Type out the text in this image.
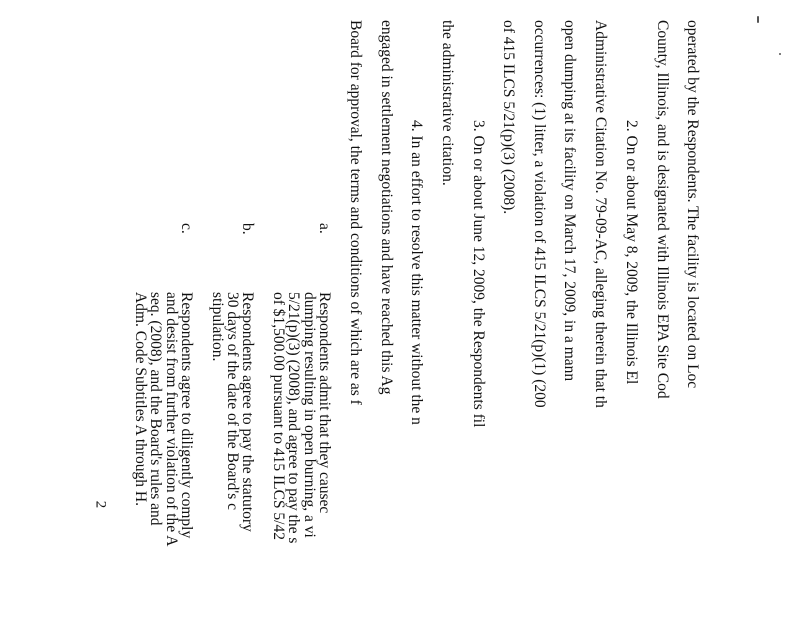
operated by the Respondents. The facility is located on Loc
County, Illinois, and is designated with Illinois EPA Site Cod
2. On or about May 8, 2009, the Illinois El
Administrative Citation No. 79-09-AC, alleging therein that th
open dumping at its facility on March 17, 2009, in a mann
occurrences: (1) litter, a violation of 415 ILCS 5/21(p)(1) (200
of 415 ILCS 5/21(p)(3) (2008).
3. On or about June 12, 2009, the Respondents fil
the administrative citation.
4. In an effort to resolve this matter without the n
engaged in settlement negotiations and have reached this Ag
Board for approval, the terms and conditions of which are as f
a.
Respondents admit that they causec
dumping resulting in open burning, a vi
5/21(p)(3) (2008), and agree to pay the s
of $1,500.00 pursuant to 415 ILCS 5/42
b.
Respondents agree to pay the statutory
30 days of the date of the Board's c
stipulation.
c.
Respondents agree to diligently comply
and desist from further violation of the A
seq. (2008), and the Board's rules and
Adm. Code Subtitles A through H.
2
